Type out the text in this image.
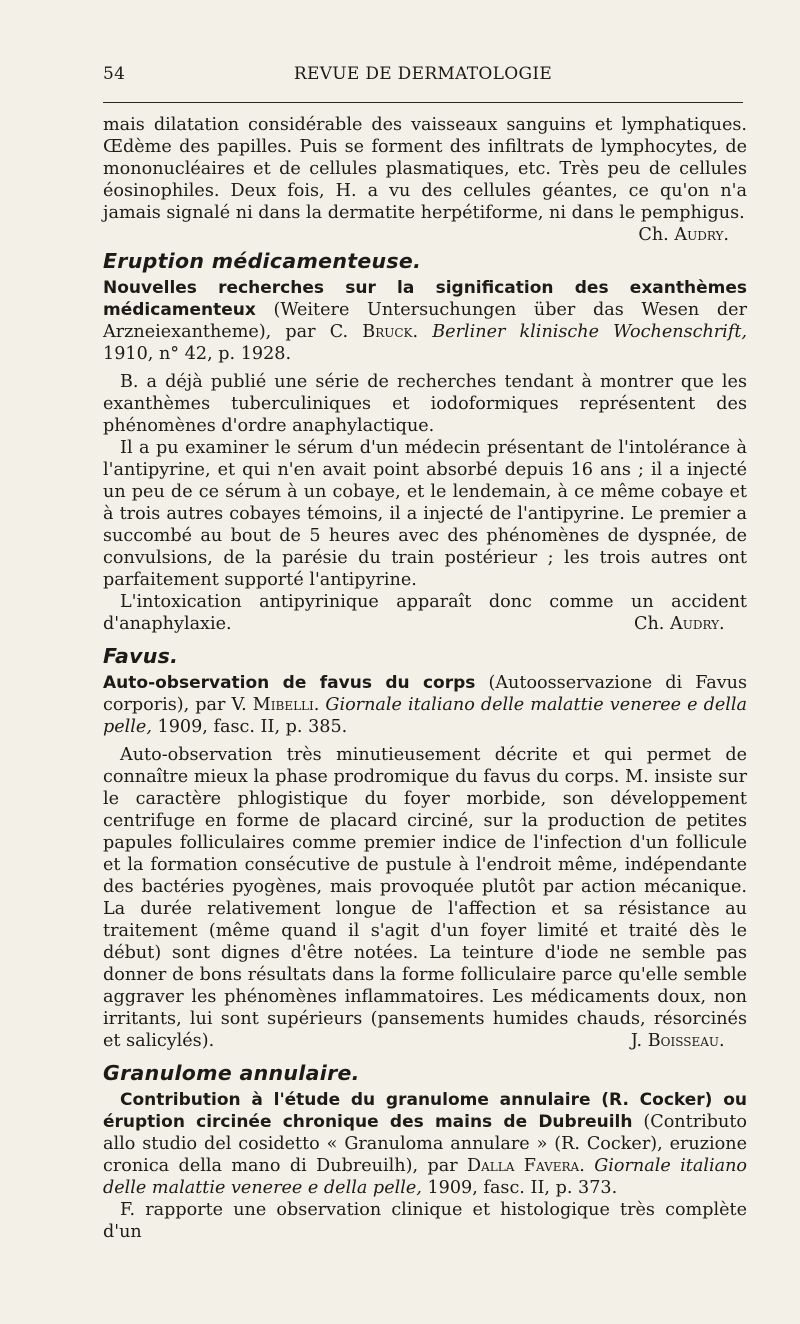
54	REVUE DE DERMATOLOGIE

mais dilatation considérable des vaisseaux sanguins et lymphatiques. Œdème des papilles. Puis se forment des infiltrats de lymphocytes, de mononucléaires et de cellules plasmatiques, etc. Très peu de cellules éosinophiles. Deux fois, H. a vu des cellules géantes, ce qu'on n'a jamais signalé ni dans la dermatite herpétiforme, ni dans le pemphigus.

Ch. Audry.
Eruption médicamenteuse.

Nouvelles recherches sur la signification des exanthèmes médicamenteux (Weitere Untersuchungen über das Wesen der Arzneiexantheme), par C. Bruck. Berliner klinische Wochenschrift, 1910, n° 42, p. 1928.

B. a déjà publié une série de recherches tendant à montrer que les exanthèmes tuberculiniques et iodoformiques représentent des phénomènes d'ordre anaphylactique.

Il a pu examiner le sérum d'un médecin présentant de l'intolérance à l'antipyrine, et qui n'en avait point absorbé depuis 16 ans ; il a injecté un peu de ce sérum à un cobaye, et le lendemain, à ce même cobaye et à trois autres cobayes témoins, il a injecté de l'antipyrine. Le premier a succombé au bout de 5 heures avec des phénomènes de dyspnée, de convulsions, de la parésie du train postérieur ; les trois autres ont parfaitement supporté l'antipyrine.

L'intoxication antipyrinique apparaît donc comme un accident d'anaphylaxie.	Ch. Audry.

Favus.

Auto-observation de favus du corps (Autoosservazione di Favus corporis), par V. Mibelli. Giornale italiano delle malattie veneree e della pelle, 1909, fasc. II, p. 385.

Auto-observation très minutieusement décrite et qui permet de connaître mieux la phase prodromique du favus du corps. M. insiste sur le caractère phlogistique du foyer morbide, son développement centrifuge en forme de placard circiné, sur la production de petites papules folliculaires comme premier indice de l'infection d'un follicule et la formation consécutive de pustule à l'endroit même, indépendante des bactéries pyogènes, mais provoquée plutôt par action mécanique. La durée relativement longue de l'affection et sa résistance au traitement (même quand il s'agit d'un foyer limité et traité dès le début) sont dignes d'être notées. La teinture d'iode ne semble pas donner de bons résultats dans la forme folliculaire parce qu'elle semble aggraver les phénomènes inflammatoires. Les médicaments doux, non irritants, lui sont supérieurs (pansements humides chauds, résorcinés et salicylés).	J. Boisseau.

Granulome annulaire.

Contribution à l'étude du granulome annulaire (R. Cocker) ou éruption circinée chronique des mains de Dubreuilh (Contributo allo studio del cosidetto « Granuloma annulare » (R. Cocker), eruzione cronica della mano di Dubreuilh), par Dalla Favera. Giornale italiano delle malattie veneree e della pelle, 1909, fasc. II, p. 373.

F. rapporte une observation clinique et histologique très complète d'un
